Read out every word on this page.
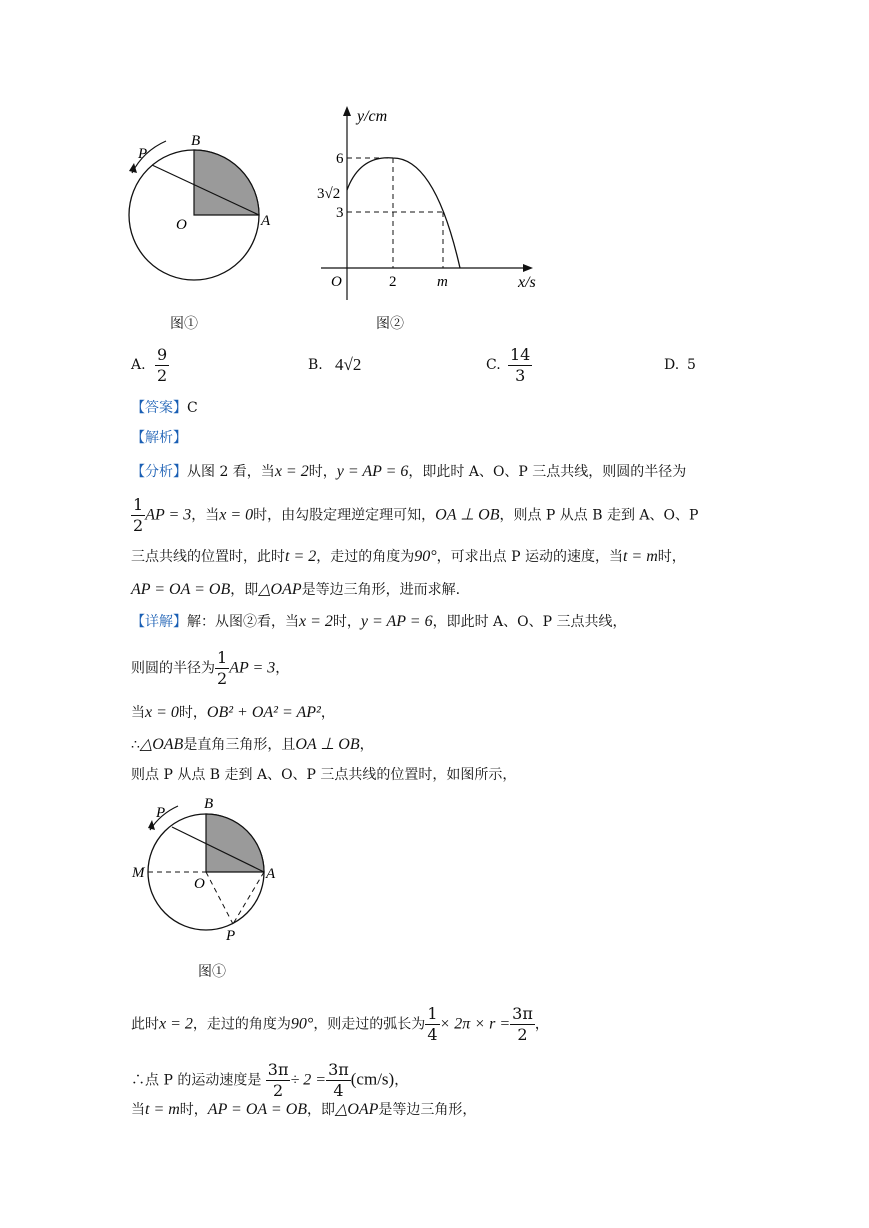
B
P
O	A
图①
y/cm
x/s
O
6
3√2
3
2	m
图②
A. $\frac{9}{2}$	B. 4√2	C. $\frac{14}{3}$	D. 5
【答案】C
【解析】
【分析】从图 2 看，当x = 2时，y = AP = 6，即此时 A、O、P 三点共线，则圆的半径为
$\frac{1}{2}$ AP = 3，当x = 0时，由勾股定理逆定理可知，OA ⊥ OB，则点 P 从点 B 走到 A、O、P
三点共线的位置时，此时t = 2，走过的角度为90°，可求出点 P 运动的速度，当t = m时，
AP = OA = OB，即△OAP是等边三角形，进而求解.
【详解】解：从图②看，当x = 2时，y = AP = 6，即此时 A、O、P 三点共线，
则圆的半径为 $\frac{1}{2}$ AP = 3，
当x = 0时，OB² + OA² = AP²，
∴△OAB是直角三角形，且OA ⊥ OB，
则点 P 从点 B 走到 A、O、P 三点共线的位置时，如图所示，
B
P
M
O
A
P
图①
此时x = 2，走过的角度为90°，则走过的弧长为 $\frac{1}{4} \times 2\pi \times r = \frac{3\pi}{2}$ ，
∴点 P 的运动速度是 $\frac{3\pi}{2} \div 2 = \frac{3\pi}{4} (cm/s)$，
当t = m时，AP = OA = OB，即△OAP是等边三角形，
